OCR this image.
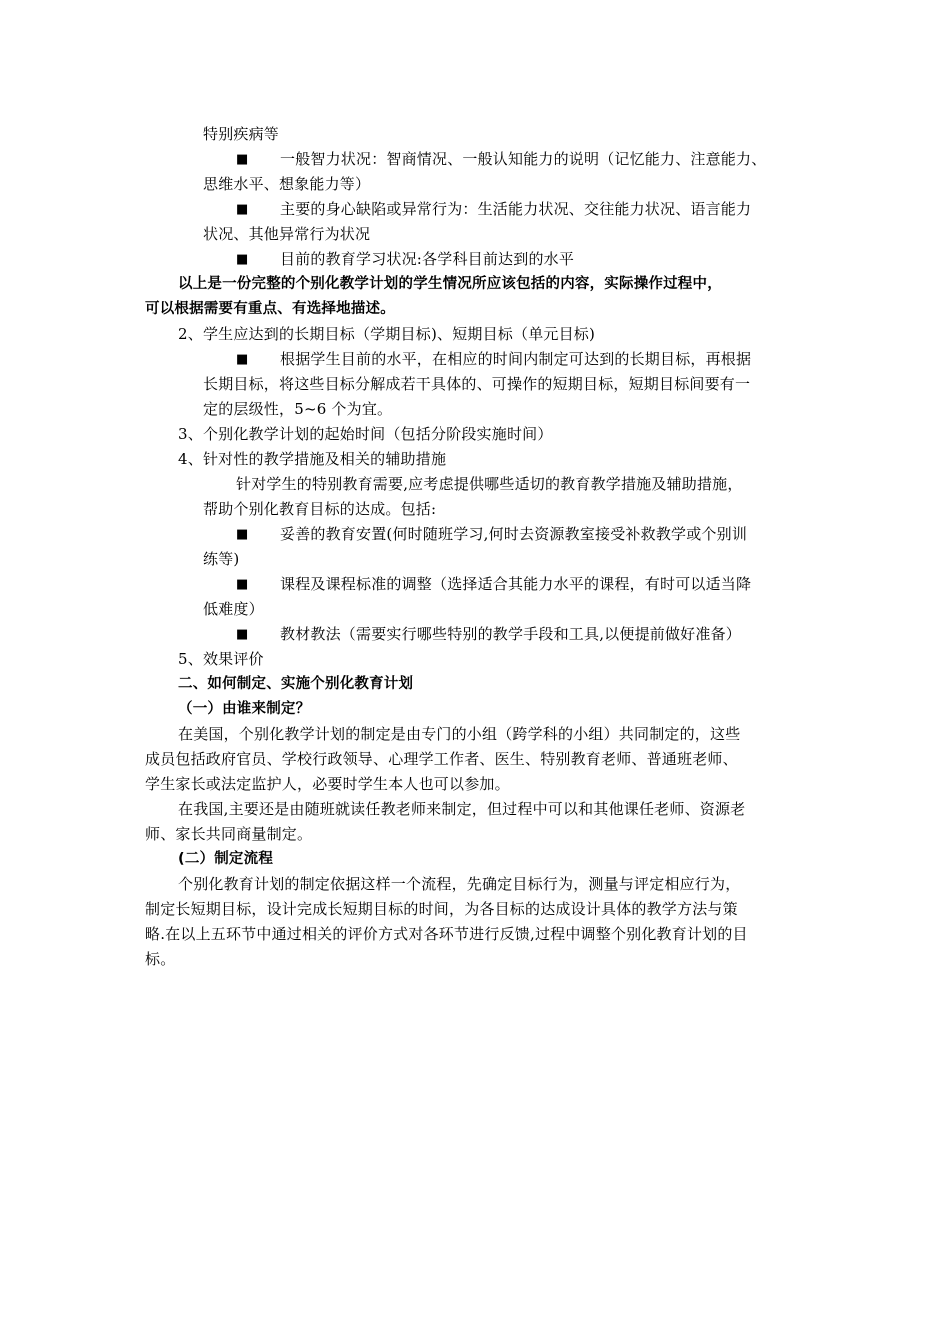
特别疾病等
■ 一般智力状况：智商情况、一般认知能力的说明（记忆能力、注意能力、
思维水平、想象能力等）
■ 主要的身心缺陷或异常行为：生活能力状况、交往能力状况、语言能力
状况、其他异常行为状况
■ 目前的教育学习状况:各学科目前达到的水平
以上是一份完整的个别化教学计划的学生情况所应该包括的内容，实际操作过程中，
可以根据需要有重点、有选择地描述。
2、学生应达到的长期目标（学期目标)、短期目标（单元目标)
■ 根据学生目前的水平，在相应的时间内制定可达到的长期目标，再根据
长期目标，将这些目标分解成若干具体的、可操作的短期目标，短期目标间要有一
定的层级性，5~6 个为宜。
3、个别化教学计划的起始时间（包括分阶段实施时间）
4、针对性的教学措施及相关的辅助措施
针对学生的特别教育需要,应考虑提供哪些适切的教育教学措施及辅助措施，
帮助个别化教育目标的达成。包括:
■ 妥善的教育安置(何时随班学习,何时去资源教室接受补救教学或个别训
练等)
■ 课程及课程标准的调整（选择适合其能力水平的课程，有时可以适当降
低难度）
■ 教材教法（需要实行哪些特别的教学手段和工具,以便提前做好准备）
5、效果评价
二、如何制定、实施个别化教育计划
（一）由谁来制定？
在美国，个别化教学计划的制定是由专门的小组（跨学科的小组）共同制定的，这些
成员包括政府官员、学校行政领导、心理学工作者、医生、特别教育老师、普通班老师、
学生家长或法定监护人，必要时学生本人也可以参加。
在我国,主要还是由随班就读任教老师来制定，但过程中可以和其他课任老师、资源老
师、家长共同商量制定。
(二）制定流程
个别化教育计划的制定依据这样一个流程，先确定目标行为，测量与评定相应行为，
制定长短期目标，设计完成长短期目标的时间，为各目标的达成设计具体的教学方法与策
略.在以上五环节中通过相关的评价方式对各环节进行反馈,过程中调整个别化教育计划的目
标。
